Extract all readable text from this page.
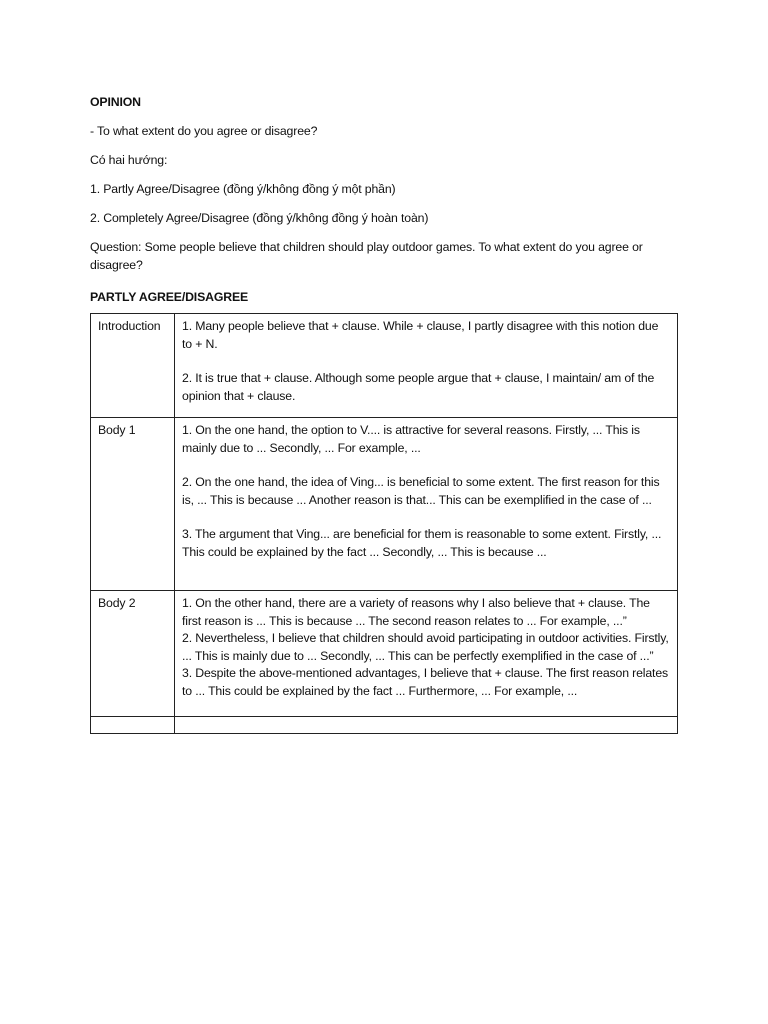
OPINION
- To what extent do you agree or disagree?
Có hai hướng:
1. Partly Agree/Disagree (đồng ý/không đồng ý một phần)
2. Completely Agree/Disagree (đồng ý/không đồng ý hoàn toàn)
Question: Some people believe that children should play outdoor games. To what extent do you agree or disagree?
PARTLY AGREE/DISAGREE
Introduction	1. Many people believe that + clause. While + clause, I partly disagree with this notion due to + N.

2. It is true that + clause. Although some people argue that + clause, I maintain/ am of the opinion that + clause.

Body 1	1. On the one hand, the option to V.... is attractive for several reasons. Firstly, ... This is mainly due to ... Secondly, ... For example, ...

2. On the one hand, the idea of Ving... is beneficial to some extent. The first reason for this is, ... This is because ... Another reason is that... This can be exemplified in the case of ...

3. The argument that Ving... are beneficial for them is reasonable to some extent. Firstly, ... This could be explained by the fact ... Secondly, ... This is because ...

Body 2	1. On the other hand, there are a variety of reasons why I also believe that + clause. The first reason is ... This is because ... The second reason relates to ... For example, ...”

2. Nevertheless, I believe that children should avoid participating in outdoor activities. Firstly, ... This is mainly due to ... Secondly, ... This can be perfectly exemplified in the case of ...”

3. Despite the above-mentioned advantages, I believe that + clause. The first reason relates to ... This could be explained by the fact ... Furthermore, ... For example, ...
